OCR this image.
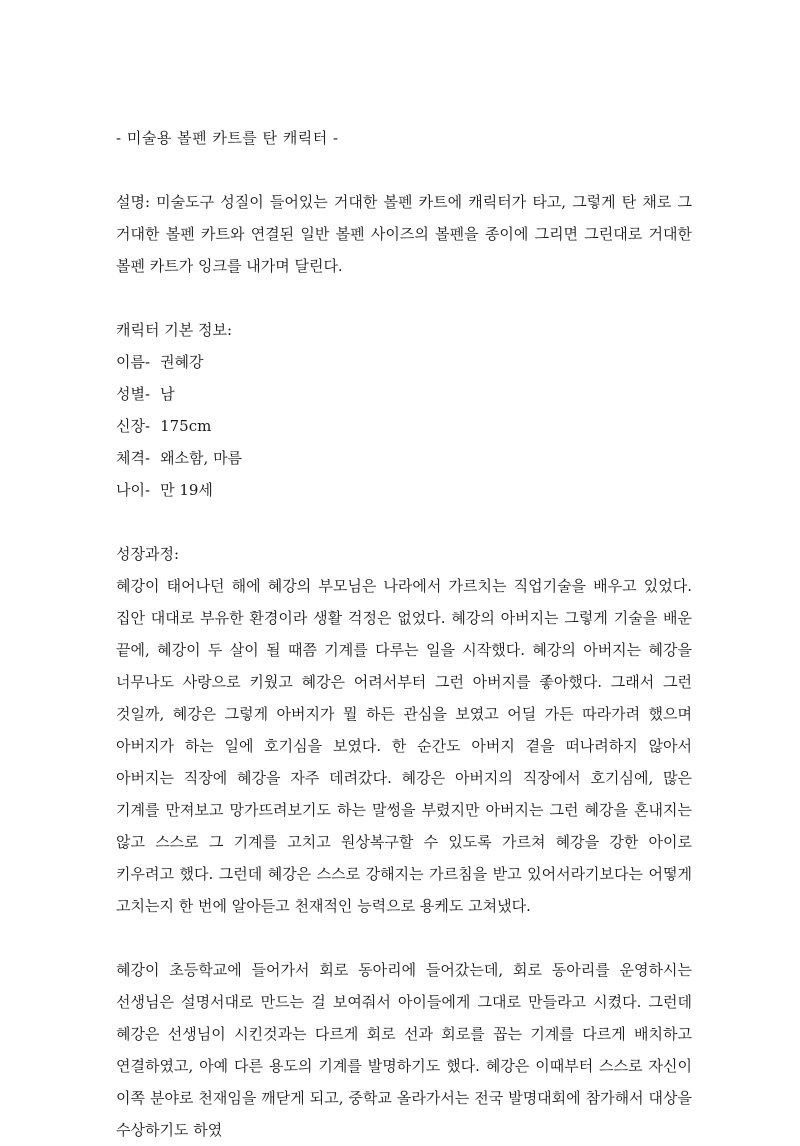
- 미술용 볼펜 카트를 탄 캐릭터 -

설명: 미술도구 성질이 들어있는 거대한 볼펜 카트에 캐릭터가 타고, 그렇게 탄 채로 그 거대한 볼펜 카트와 연결된 일반 볼펜 사이즈의 볼펜을 종이에 그리면 그린대로 거대한 볼펜 카트가 잉크를 내가며 달린다.

캐릭터 기본 정보:
이름- 권혜강
성별- 남
신장- 175cm
체격- 왜소함, 마름
나이- 만 19세
성장과정:

혜강이 태어나던 해에 혜강의 부모님은 나라에서 가르치는 직업기술을 배우고 있었다. 집안 대대로 부유한 환경이라 생활 걱정은 없었다. 혜강의 아버지는 그렇게 기술을 배운 끝에, 혜강이 두 살이 될 때쯤 기계를 다루는 일을 시작했다. 혜강의 아버지는 혜강을 너무나도 사랑으로 키웠고 혜강은 어려서부터 그런 아버지를 좋아했다. 그래서 그런 것일까, 혜강은 그렇게 아버지가 뭘 하든 관심을 보였고 어딜 가든 따라가려 했으며 아버지가 하는 일에 호기심을 보였다. 한 순간도 아버지 곁을 떠나려하지 않아서 아버지는 직장에 혜강을 자주 데려갔다. 혜강은 아버지의 직장에서 호기심에, 많은 기계를 만져보고 망가뜨려보기도 하는 말썽을 부렸지만 아버지는 그런 혜강을 혼내지는 않고 스스로 그 기계를 고치고 원상복구할 수 있도록 가르쳐 혜강을 강한 아이로 키우려고 했다. 그런데 혜강은 스스로 강해지는 가르침을 받고 있어서라기보다는 어떻게 고치는지 한 번에 알아듣고 천재적인 능력으로 용케도 고쳐냈다.

혜강이 초등학교에 들어가서 회로 동아리에 들어갔는데, 회로 동아리를 운영하시는 선생님은 설명서대로 만드는 걸 보여줘서 아이들에게 그대로 만들라고 시켰다. 그런데 혜강은 선생님이 시킨것과는 다르게 회로 선과 회로를 꼽는 기계를 다르게 배치하고 연결하였고, 아예 다른 용도의 기계를 발명하기도 했다. 혜강은 이때부터 스스로 자신이 이쪽 분야로 천재임을 깨닫게 되고, 중학교 올라가서는 전국 발명대회에 참가해서 대상을 수상하기도 하였
